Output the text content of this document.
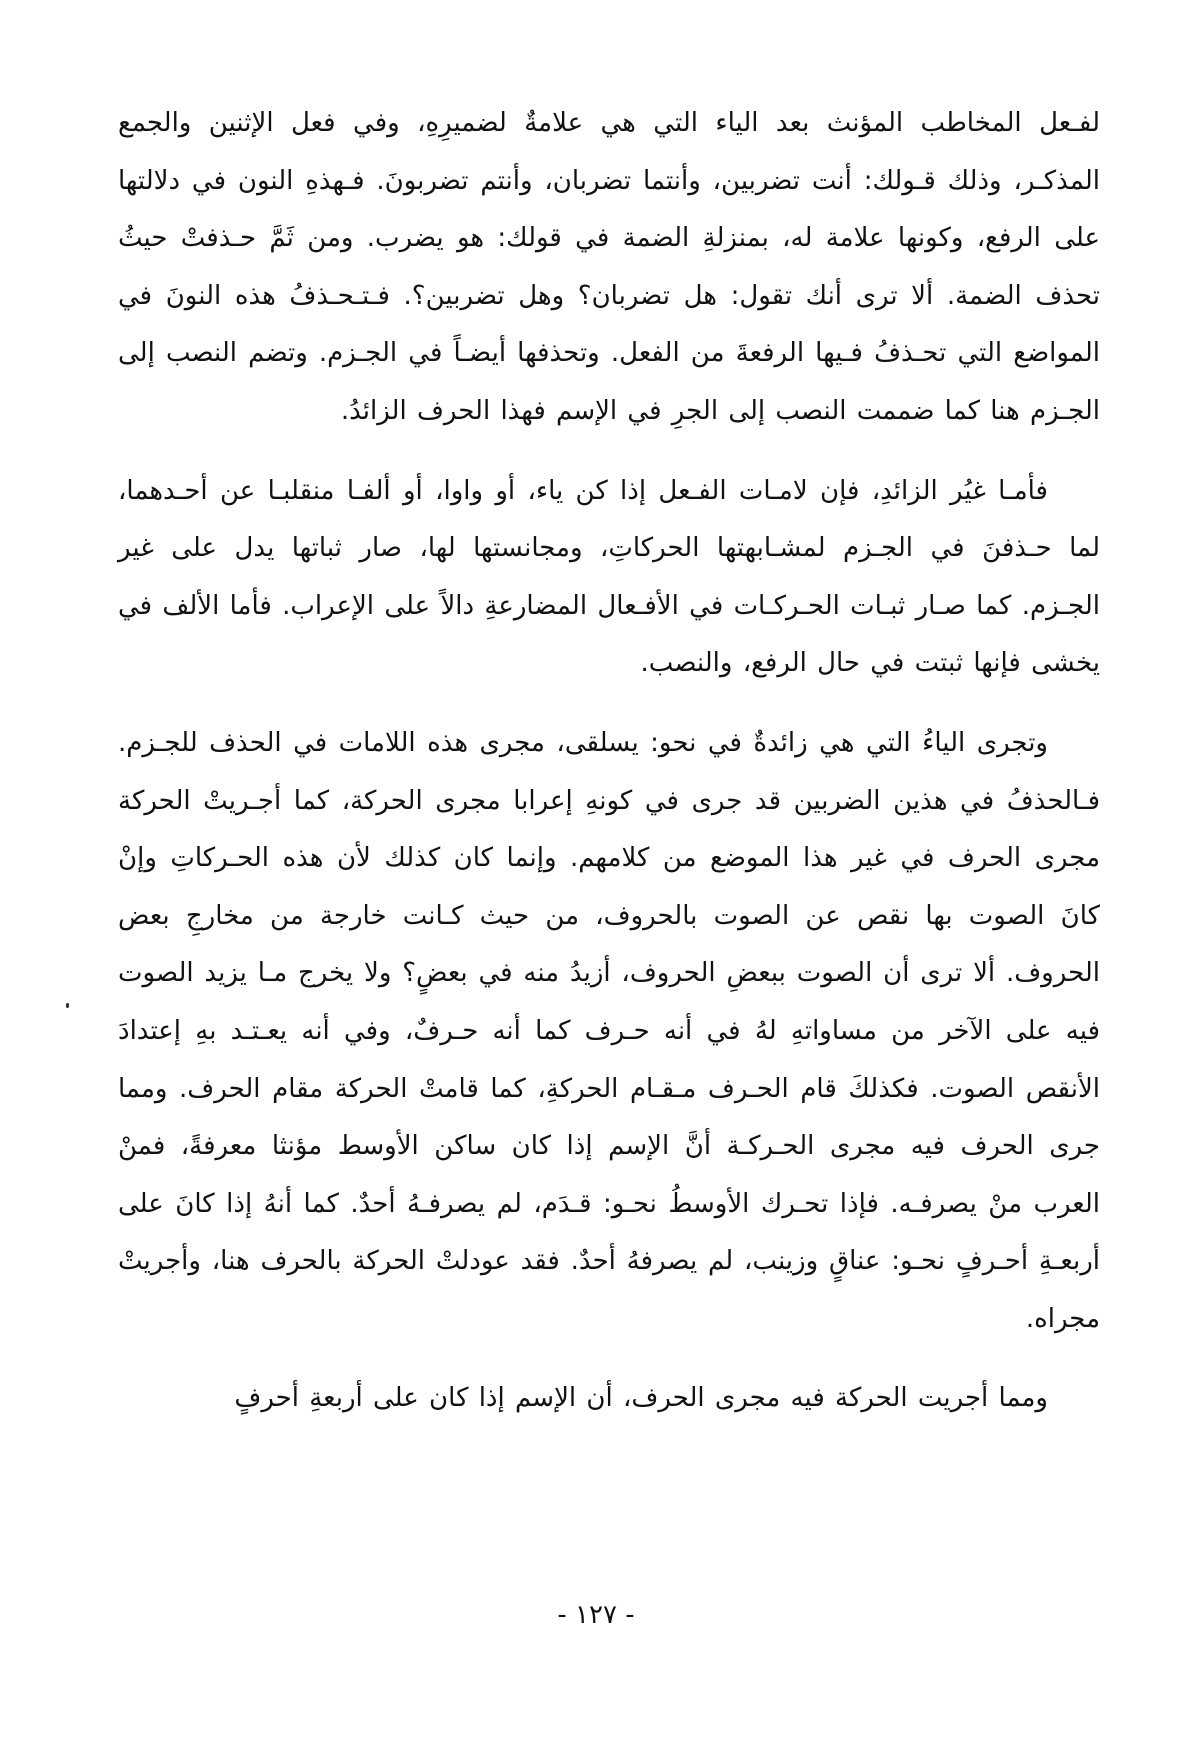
لفـعل المخاطب المؤنث بعد الياء التي هي علامةٌ لضميرِهِ، وفي فعل الإثنين والجمع المذكـر، وذلك قـولك: أنت تضربين، وأنتما تضربان، وأنتم تضربونَ. فـهذهِ النون في دلالتها على الرفع، وكونها علامة له، بمنزلةِ الضمة في قولك: هو يضرب. ومن ثَمَّ حـذفتْ حيثُ تحذف الضمة. ألا ترى أنك تقول: هل تضربان؟ وهل تضربين؟. فـتـحـذفُ هذه النونَ في المواضع التي تحـذفُ فـيها الرفعةَ من الفعل. وتحذفها أيضـاً في الجـزم. وتضم النصب إلى الجـزم هنا كما ضممت النصب إلى الجرِ في الإسم فهذا الحرف الزائدُ.

فأمـا غيُر الزائدِ، فإن لامـات الفـعل إذا كن ياء، أو واوا، أو ألفـا منقلبـا عن أحـدهما، لما حـذفنَ في الجـزم لمشـابهتها الحركاتِ، ومجانستها لها، صار ثباتها يدل على غير الجـزم. كما صـار ثبـات الحـركـات في الأفـعال المضارعةِ دالاً على الإعراب. فأما الألف في يخشى فإنها ثبتت في حال الرفع، والنصب.

وتجرى الياءُ التي هي زائدةٌ في نحو: يسلقى، مجرى هذه اللامات في الحذف للجـزم. فـالحذفُ في هذين الضربين قد جرى في كونهِ إعرابا مجرى الحركة، كما أجـريتْ الحركة مجرى الحرف في غير هذا الموضع من كلامهم. وإنما كان كذلك لأن هذه الحـركاتِ وإنْ كانَ الصوت بها نقص عن الصوت بالحروف، من حيث كـانت خارجة من مخارجِ بعض الحروف. ألا ترى أن الصوت ببعضِ الحروف، أزيدُ منه في بعضٍ؟ ولا يخرج مـا يزيد الصوت فيه على الآخر من مساواتهِ لهُ في أنه حـرف كما أنه حـرفٌ، وفي أنه يعـتـد بهِ إعتدادَ الأنقص الصوت. فكذلكَ قام الحـرف مـقـام الحركةِ، كما قامتْ الحركة مقام الحرف. ومما جرى الحرف فيه مجرى الحـركـة أنَّ الإسم إذا كان ساكن الأوسط مؤنثا معرفةً، فمنْ العرب منْ يصرفـه. فإذا تحـرك الأوسطُ نحـو: قـدَم، لم يصرفـهُ أحدٌ. كما أنهُ إذا كانَ على أربعـةِ أحـرفٍ نحـو: عناقٍ وزينب، لم يصرفهُ أحدٌ. فقد عودلتْ الحركة بالحرف هنا، وأجريتْ مجراه.

ومما أجريت الحركة فيه مجرى الحرف، أن الإسم إذا كان على أربعةِ أحرفٍ

- ١٢٧ -
